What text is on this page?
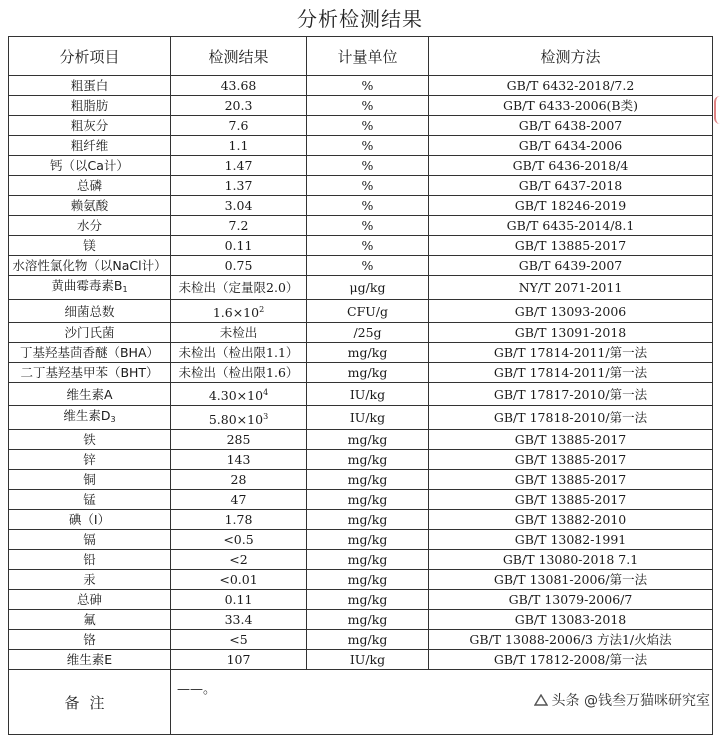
分析检测结果
分析项目	检测结果	计量单位	检测方法
粗蛋白	43.68	%	GB/T 6432-2018/7.2
粗脂肪	20.3	%	GB/T 6433-2006(B类)
粗灰分	7.6	%	GB/T 6438-2007
粗纤维	1.1	%	GB/T 6434-2006
钙（以Ca计）	1.47	%	GB/T 6436-2018/4
总磷	1.37	%	GB/T 6437-2018
赖氨酸	3.04	%	GB/T 18246-2019
水分	7.2	%	GB/T 6435-2014/8.1
镁	0.11	%	GB/T 13885-2017
水溶性氯化物（以NaCl计）	0.75	%	GB/T 6439-2007
黄曲霉毒素$B_1$	未检出（定量限2.0）	μg/kg	NY/T 2071-2011
细菌总数	$1.6\times 10^2$	CFU/g	GB/T 13093-2006
沙门氏菌	未检出	/25g	GB/T 13091-2018
丁基羟基茴香醚（BHA）	未检出（检出限1.1）	mg/kg	GB/T 17814-2011/第一法
二丁基羟基甲苯（BHT）	未检出（检出限1.6）	mg/kg	GB/T 17814-2011/第一法
维生素A	$4.30\times 10^4$	IU/kg	GB/T 17817-2010/第一法
维生素$D_3$	$5.80\times 10^3$	IU/kg	GB/T 17818-2010/第一法
铁	285	mg/kg	GB/T 13885-2017
锌	143	mg/kg	GB/T 13885-2017
铜	28	mg/kg	GB/T 13885-2017
锰	47	mg/kg	GB/T 13885-2017
碘（I）	1.78	mg/kg	GB/T 13882-2010
镉	<0.5	mg/kg	GB/T 13082-1991
铅	<2	mg/kg	GB/T 13080-2018 7.1
汞	<0.01	mg/kg	GB/T 13081-2006/第一法
总砷	0.11	mg/kg	GB/T 13079-2006/7
氟	33.4	mg/kg	GB/T 13083-2018
铬	<5	mg/kg	GB/T 13088-2006/3 方法1/火焰法
维生素E	107	IU/kg	GB/T 17812-2008/第一法
备注	——。		
头条 @钱叁万猫咪研究室
